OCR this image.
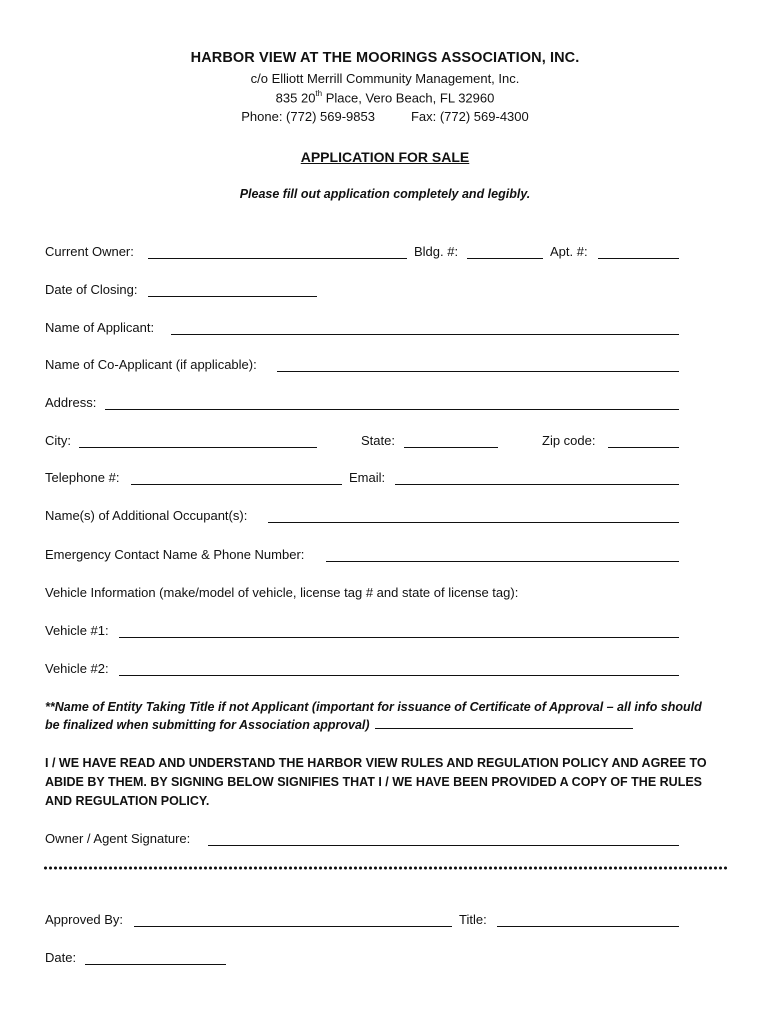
HARBOR VIEW AT THE MOORINGS ASSOCIATION, INC.
c/o Elliott Merrill Community Management, Inc.
835 20th Place, Vero Beach, FL 32960
Phone: (772) 569-9853	Fax: (772) 569-4300
APPLICATION FOR SALE
Please fill out application completely and legibly.
Current Owner:	Bldg. #:	Apt. #:
Date of Closing:
Name of Applicant:
Name of Co-Applicant (if applicable):
Address:
City:	State:	Zip code:
Telephone #:	Email:
Name(s) of Additional Occupant(s):
Emergency Contact Name & Phone Number:
Vehicle Information (make/model of vehicle, license tag # and state of license tag):
Vehicle #1:
Vehicle #2:
**Name of Entity Taking Title if not Applicant (important for issuance of Certificate of Approval – all info should be finalized when submitting for Association approval)
I / WE HAVE READ AND UNDERSTAND THE HARBOR VIEW RULES AND REGULATION POLICY AND AGREE TO ABIDE BY THEM. BY SIGNING BELOW SIGNIFIES THAT I / WE HAVE BEEN PROVIDED A COPY OF THE RULES AND REGULATION POLICY.
Owner / Agent Signature:
Approved By:	Title:
Date:
